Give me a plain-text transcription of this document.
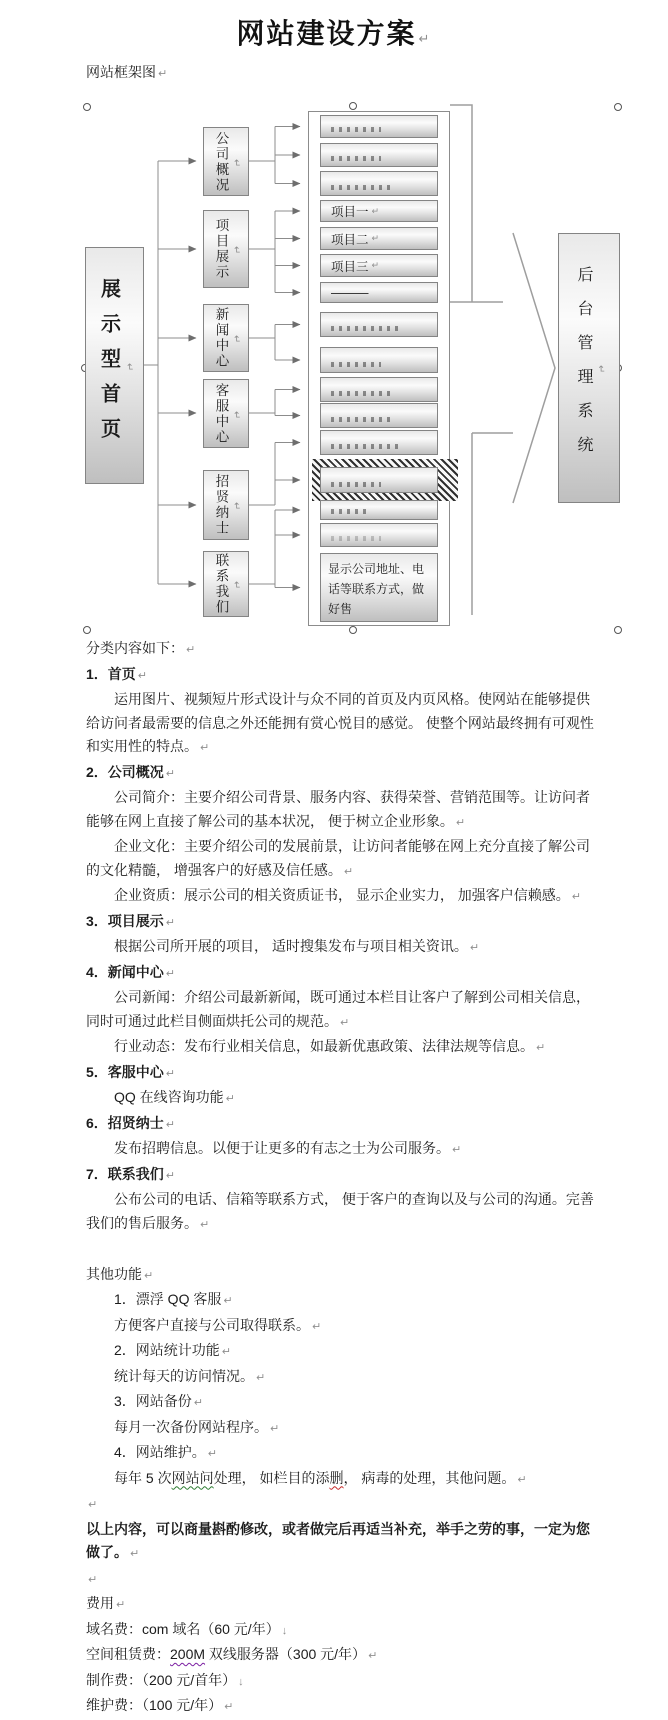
网站建设方案 ↵
网站框架图 ↵
展示型首页 ↵
公司概况 ↵
项目展示 ↵
新闻中心 ↵
客服中心 ↵
招贤纳士 ↵
联系我们 ↵
项目一 ↵
项目二 ↵
项目三 ↵
———
显示公司地址、电话等联系方式，做好售
后台管理系统 ↵

分类内容如下： ↵

1．首页 ↵

运用图片、视频短片形式设计与众不同的首页及内页风格。使网站在能够提供给访问者最需要的信息之外还能拥有赏心悦目的感觉。 使整个网站最终拥有可观性和实用性的特点。 ↵

2．公司概况 ↵

公司简介：主要介绍公司背景、服务内容、获得荣誉、营销范围等。让访问者能够在网上直接了解公司的基本状况， 便于树立企业形象。 ↵

企业文化：主要介绍公司的发展前景，让访问者能够在网上充分直接了解公司的文化精髓， 增强客户的好感及信任感。 ↵

企业资质：展示公司的相关资质证书， 显示企业实力， 加强客户信赖感。 ↵

3．项目展示 ↵

根据公司所开展的项目， 适时搜集发布与项目相关资讯。 ↵

4．新闻中心 ↵

公司新闻：介绍公司最新新闻，既可通过本栏目让客户了解到公司相关信息，同时可通过此栏目侧面烘托公司的规范。 ↵

行业动态：发布行业相关信息，如最新优惠政策、法律法规等信息。 ↵

5．客服中心 ↵

QQ 在线咨询功能 ↵

6．招贤纳士 ↵

发布招聘信息。以便于让更多的有志之士为公司服务。 ↵

7．联系我们 ↵

公布公司的电话、信箱等联系方式， 便于客户的查询以及与公司的沟通。完善我们的售后服务。 ↵

其他功能 ↵

1．漂浮 QQ 客服 ↵

方便客户直接与公司取得联系。 ↵

2．网站统计功能 ↵

统计每天的访问情况。 ↵

3．网站备份 ↵

每月一次备份网站程序。 ↵

4．网站维护。 ↵

每年 5 次网站问处理， 如栏目的添删， 病毒的处理，其他问题。 ↵

↵

以上内容，可以商量斟酌修改，或者做完后再适当补充，举手之劳的事，一定为您做了。 ↵

↵

费用 ↵

域名费：com 域名（60 元/年） ↓

空间租赁费：200M 双线服务器（300 元/年） ↵

制作费：（200 元/首年） ↓

维护费：（100 元/年） ↵
